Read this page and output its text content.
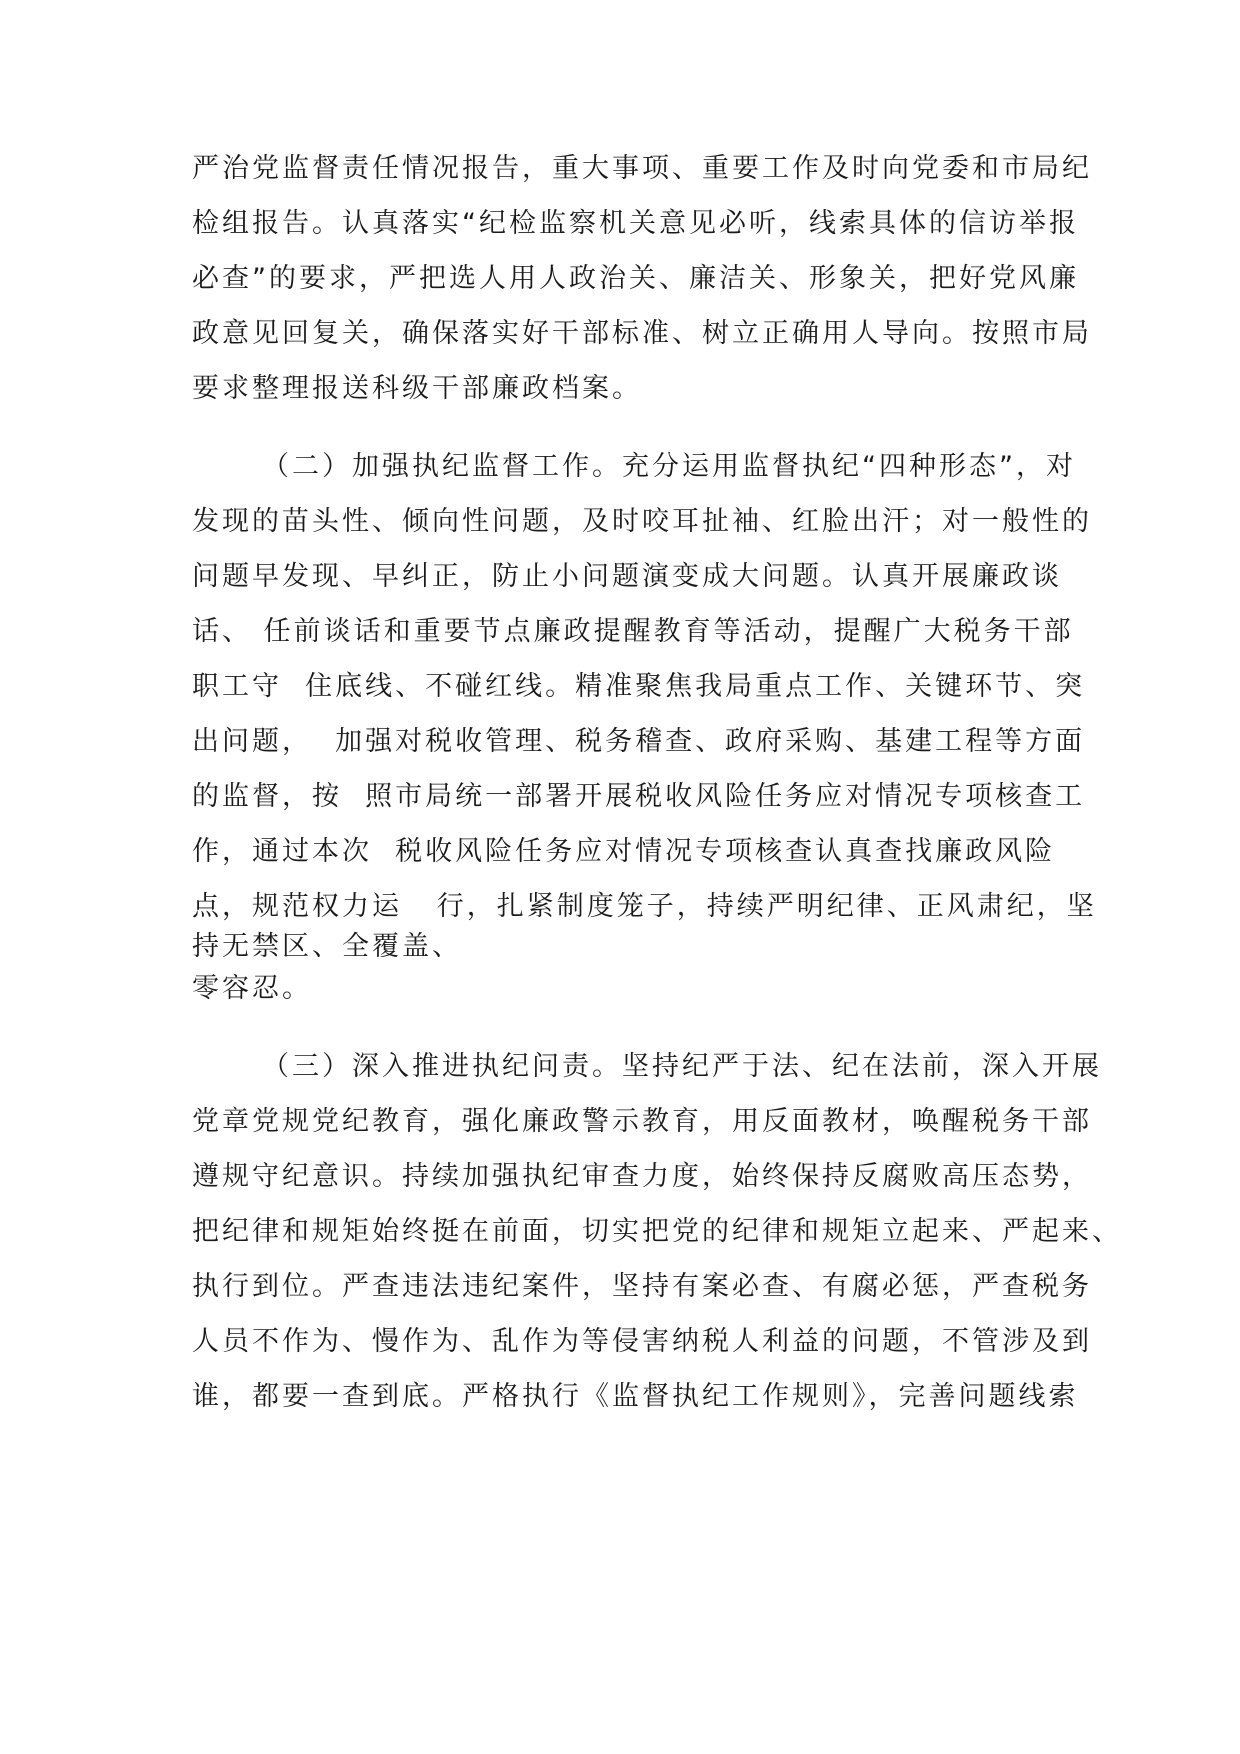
严治党监督责任情况报告，重大事项、重要工作及时向党委和市局纪

检组报告。认真落实“纪检监察机关意见必听，线索具体的信访举报

必查”的要求，严把选人用人政治关、廉洁关、形象关，把好党风廉

政意见回复关，确保落实好干部标准、树立正确用人导向。按照市局

要求整理报送科级干部廉政档案。

（二）加强执纪监督工作。充分运用监督执纪“四种形态”，对

发现的苗头性、倾向性问题，及时咬耳扯袖、红脸出汗；对一般性的

问题早发现、早纠正，防止小问题演变成大问题。认真开展廉政谈

话、 任前谈话和重要节点廉政提醒教育等活动，提醒广大税务干部

职工守  住底线、不碰红线。精准聚焦我局重点工作、关键环节、突

出问题，  加强对税收管理、税务稽查、政府采购、基建工程等方面

的监督，按  照市局统一部署开展税收风险任务应对情况专项核查工

作，通过本次  税收风险任务应对情况专项核查认真查找廉政风险

点，规范权力运   行，扎紧制度笼子，持续严明纪律、正风肃纪，坚

持无禁区、全覆盖、

零容忍。

（三）深入推进执纪问责。坚持纪严于法、纪在法前，深入开展

党章党规党纪教育，强化廉政警示教育，用反面教材，唤醒税务干部

遵规守纪意识。持续加强执纪审查力度，始终保持反腐败高压态势，

把纪律和规矩始终挺在前面，切实把党的纪律和规矩立起来、严起来、

执行到位。严查违法违纪案件，坚持有案必查、有腐必惩，严查税务

人员不作为、慢作为、乱作为等侵害纳税人利益的问题，不管涉及到

谁，都要一查到底。严格执行《监督执纪工作规则》，完善问题线索
